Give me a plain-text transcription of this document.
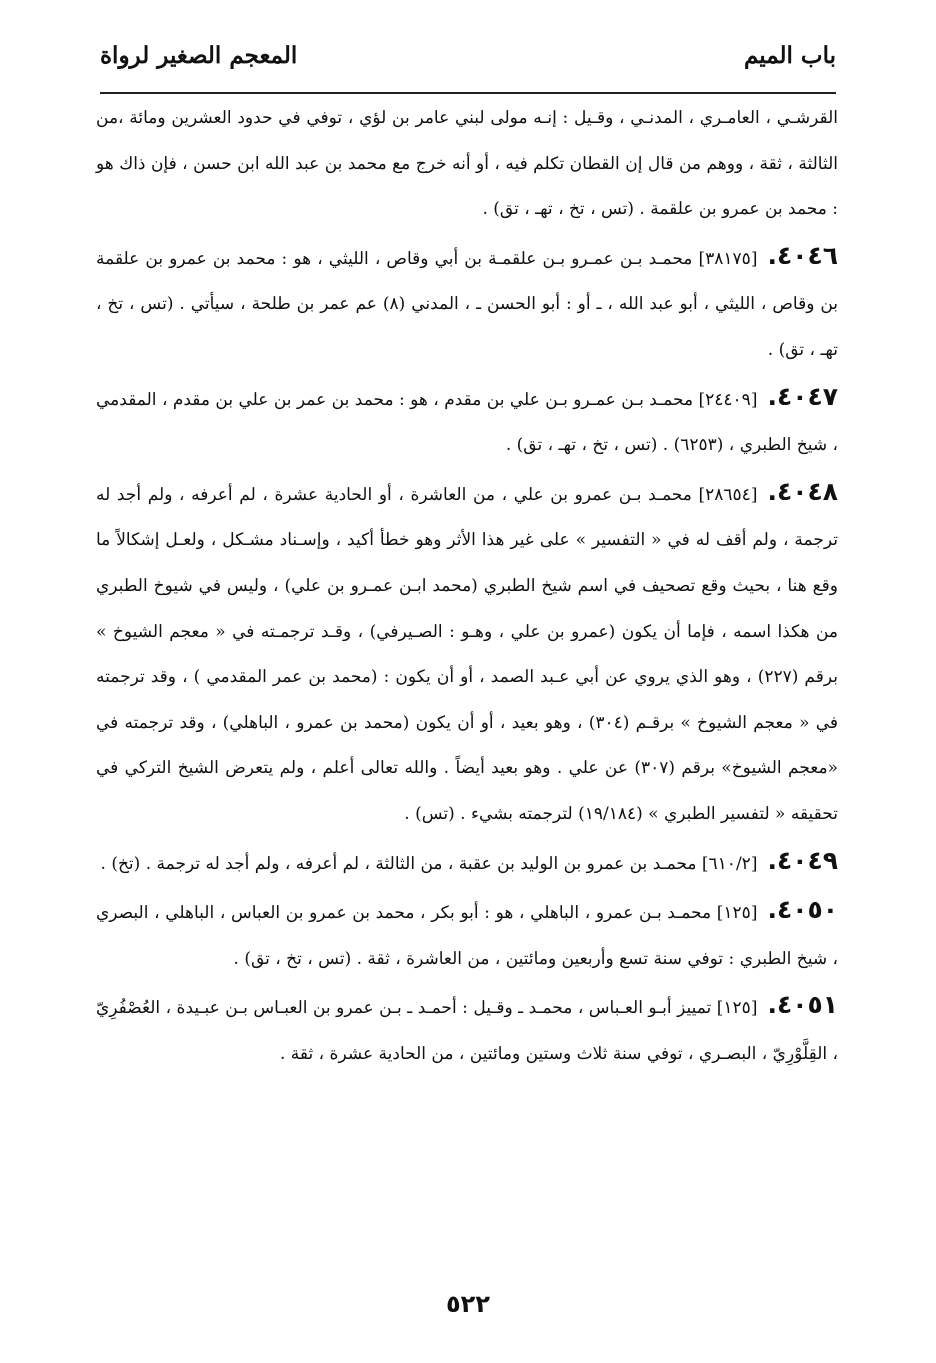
باب الميم
المعجم الصغير لرواة

القرشـي ، العامـري ، المدنـي ، وقـيل : إنـه مولى لبني عامر بن لؤي ، توفي في حدود العشرين ومائة ،من الثالثة ، ثقة ، ووهم من قال إن القطان تكلم فيه ، أو أنه خرج مع محمد بن عبد الله ابن حسن ، فإن ذاك هو : محمد بن عمرو بن علقمة . (تس ، تخ ، تهـ ، تق) .

٤٠٤٦.[٣٨١٧٥] محمـد بـن عمـرو بـن علقمـة بن أبي وقاص ، الليثي ، هو : محمد بن عمرو بن علقمة بن وقاص ، الليثي ، أبو عبد الله ، ـ أو : أبو الحسن ـ ، المدني (٨) عم عمر بن طلحة ، سيأتي . (تس ، تخ ، تهـ ، تق) .

٤٠٤٧.[٢٤٤٠٩] محمـد بـن عمـرو بـن علي بن مقدم ، هو : محمد بن عمر بن علي بن مقدم ، المقدمي ، شيخ الطبري ، (٦٢٥٣) . (تس ، تخ ، تهـ ، تق) .

٤٠٤٨.[٢٨٦٥٤] محمـد بـن عمرو بن علي ، من العاشرة ، أو الحادية عشرة ، لم أعرفه ، ولم أجد له ترجمة ، ولم أقف له في « التفسير » على غير هذا الأثر وهو خطأ أكيد ، وإسـناد مشـكل ، ولعـل إشكالاً ما وقع هنا ، بحيث وقع تصحيف في اسم شيخ الطبري (محمد ابـن عمـرو بن علي) ، وليس في شيوخ الطبري من هكذا اسمه ، فإما أن يكون (عمرو بن علي ، وهـو : الصـيرفي) ، وقـد ترجمـته في « معجم الشيوخ » برقم (٢٢٧) ، وهو الذي يروي عن أبي عـبد الصمد ، أو أن يكون : (محمد بن عمر المقدمي ) ، وقد ترجمته في « معجم الشيوخ » برقـم (٣٠٤) ، وهو بعيد ، أو أن يكون (محمد بن عمرو ، الباهلي) ، وقد ترجمته في «معجم الشيوخ» برقم (٣٠٧) عن علي . وهو بعيد أيضاً . والله تعالى أعلم ، ولم يتعرض الشيخ التركي في تحقيقه « لتفسير الطبري » (١٩/١٨٤) لترجمته بشيء . (تس) .

٤٠٤٩.[٦١٠/٢] محمـد بن عمرو بن الوليد بن عقبة ، من الثالثة ، لم أعرفه ، ولم أجد له ترجمة . (تخ) .

٤٠٥٠.[١٢٥] محمـد بـن عمرو ، الباهلي ، هو : أبو بكر ، محمد بن عمرو بن العباس ، الباهلي ، البصري ، شيخ الطبري : توفي سنة تسع وأربعين ومائتين ، من العاشرة ، ثقة . (تس ، تخ ، تق) .

٤٠٥١.[١٢٥] تمييز أبـو العـباس ، محمـد ـ وقـيل : أحمـد ـ بـن عمرو بن العبـاس بـن عبـيدة ، العُصْفُرِيّ ، القِلَّوْرِيّ ، البصـري ، توفي سنة ثلاث وستين ومائتين ، من الحادية عشرة ، ثقة .

٥٢٢
